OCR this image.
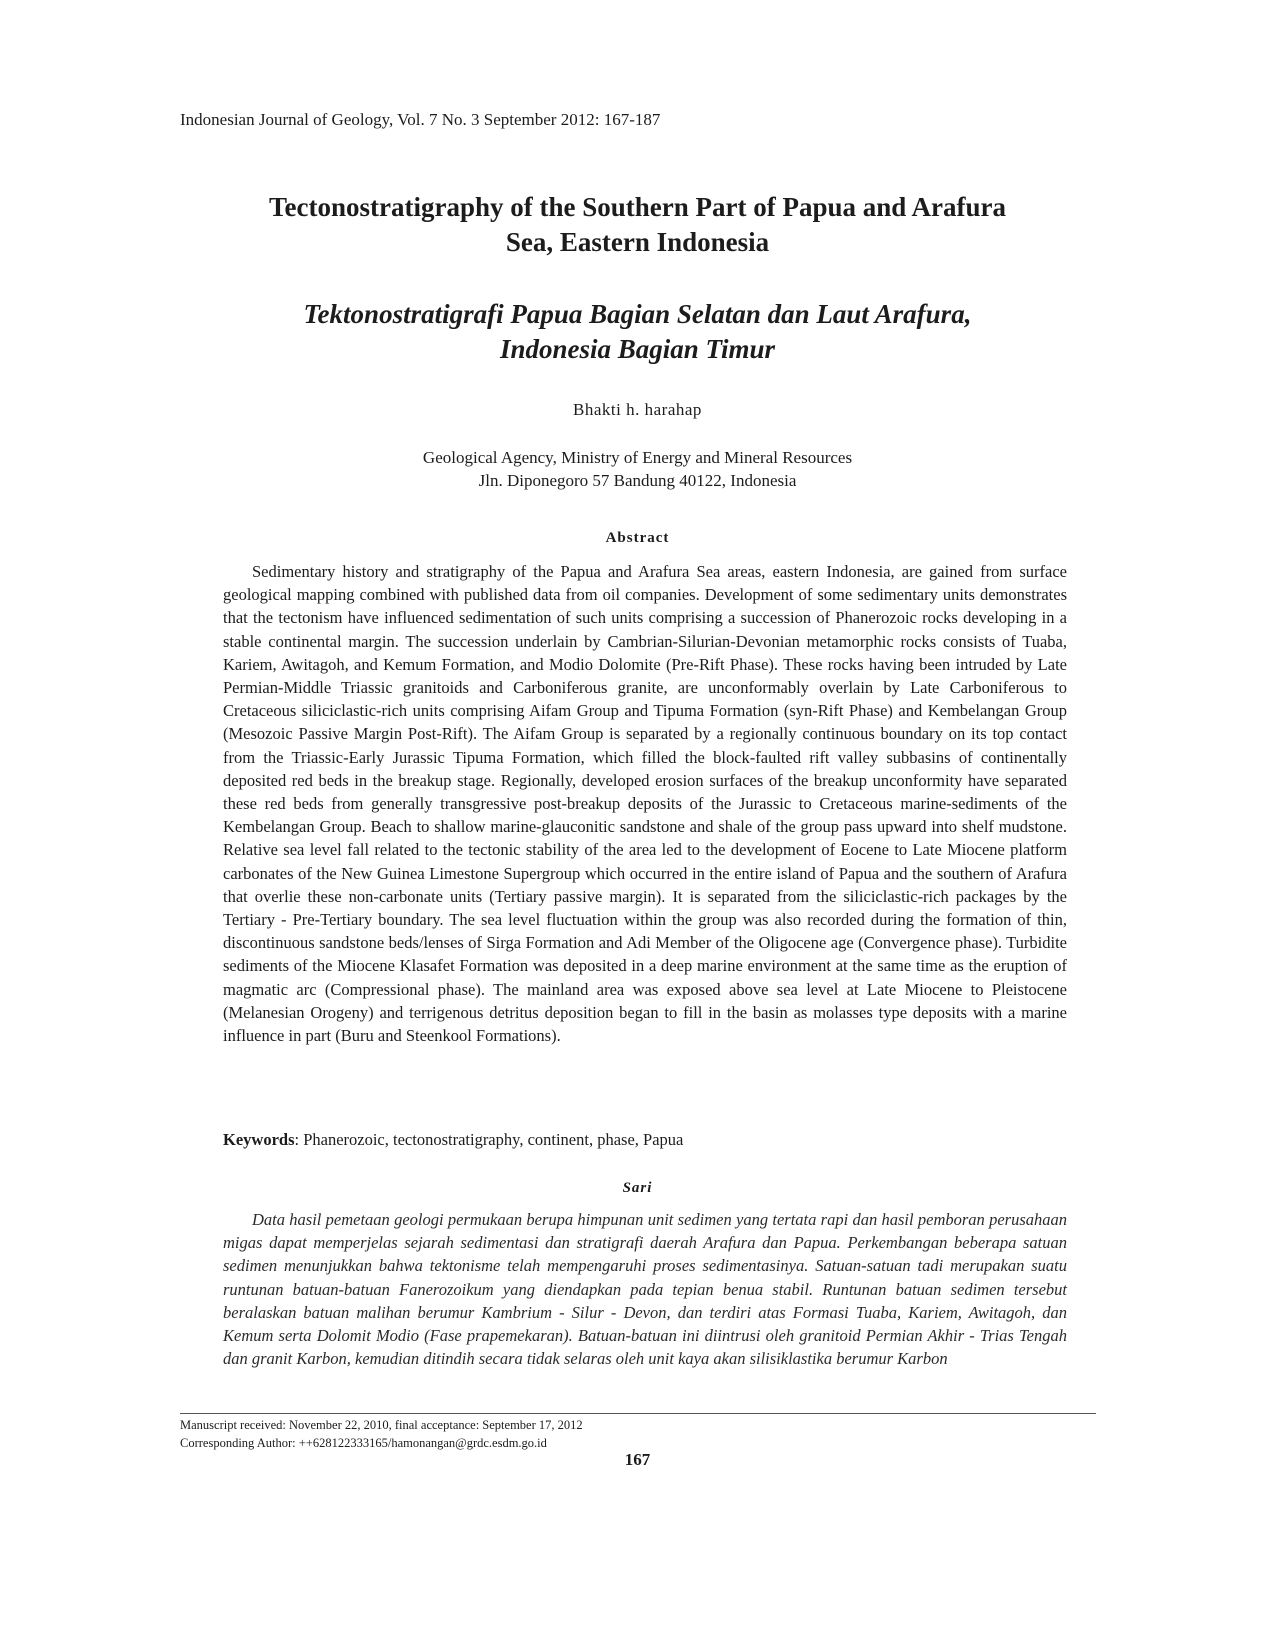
Indonesian Journal of Geology, Vol. 7 No. 3 September 2012: 167-187
Tectonostratigraphy of the Southern Part of Papua and Arafura
Sea, Eastern Indonesia
Tektonostratigrafi Papua Bagian Selatan dan Laut Arafura,
Indonesia Bagian Timur
Bhakti h. harahap
Geological Agency, Ministry of Energy and Mineral Resources
Jln. Diponegoro 57 Bandung 40122, Indonesia
Abstract

Sedimentary history and stratigraphy of the Papua and Arafura Sea areas, eastern Indonesia, are gained from surface geological mapping combined with published data from oil companies. Development of some sedimentary units demonstrates that the tectonism have influenced sedimentation of such units comprising a succession of Phanerozoic rocks developing in a stable continental margin. The succession underlain by Cambrian-Silurian-Devonian metamorphic rocks consists of Tuaba, Kariem, Awitagoh, and Kemum Formation, and Modio Dolomite (Pre-Rift Phase). These rocks having been intruded by Late Permian-Middle Triassic granitoids and Carboniferous granite, are unconformably overlain by Late Carboniferous to Cretaceous siliciclastic-rich units comprising Aifam Group and Tipuma Formation (syn-Rift Phase) and Kembelangan Group (Mesozoic Passive Margin Post-Rift). The Aifam Group is separated by a regionally continuous boundary on its top contact from the Triassic-Early Jurassic Tipuma Formation, which filled the block-faulted rift valley subbasins of continentally deposited red beds in the breakup stage. Regionally, developed erosion surfaces of the breakup unconformity have separated these red beds from generally transgressive post-breakup deposits of the Jurassic to Cretaceous marine-sediments of the Kembelangan Group. Beach to shallow marine-glauconitic sandstone and shale of the group pass upward into shelf mudstone. Relative sea level fall related to the tectonic stability of the area led to the development of Eocene to Late Miocene platform carbonates of the New Guinea Limestone Supergroup which occurred in the entire island of Papua and the southern of Arafura that overlie these non-carbonate units (Tertiary passive margin). It is separated from the siliciclastic-rich packages by the Tertiary - Pre-Tertiary boundary. The sea level fluctuation within the group was also recorded during the formation of thin, discontinuous sandstone beds/lenses of Sirga Formation and Adi Member of the Oligocene age (Convergence phase). Turbidite sediments of the Miocene Klasafet Formation was deposited in a deep marine environment at the same time as the eruption of magmatic arc (Compressional phase). The mainland area was exposed above sea level at Late Miocene to Pleistocene (Melanesian Orogeny) and terrigenous detritus deposition began to fill in the basin as molasses type deposits with a marine influence in part (Buru and Steenkool Formations).

Keywords: Phanerozoic, tectonostratigraphy, continent, phase, Papua
Sari

Data hasil pemetaan geologi permukaan berupa himpunan unit sedimen yang tertata rapi dan hasil pemboran perusahaan migas dapat memperjelas sejarah sedimentasi dan stratigrafi daerah Arafura dan Papua. Perkembangan beberapa satuan sedimen menunjukkan bahwa tektonisme telah mempengaruhi proses sedimentasinya. Satuan-satuan tadi merupakan suatu runtunan batuan-batuan Fanerozoikum yang diendapkan pada tepian benua stabil. Runtunan batuan sedimen tersebut beralaskan batuan malihan berumur Kambrium - Silur - Devon, dan terdiri atas Formasi Tuaba, Kariem, Awitagoh, dan Kemum serta Dolomit Modio (Fase prapemekaran). Batuan-batuan ini diintrusi oleh granitoid Permian Akhir - Trias Tengah dan granit Karbon, kemudian ditindih secara tidak selaras oleh unit kaya akan silisiklastika berumur Karbon

Manuscript received: November 22, 2010, final acceptance: September 17, 2012
Corresponding Author: ++628122333165/hamonangan@grdc.esdm.go.id
167
